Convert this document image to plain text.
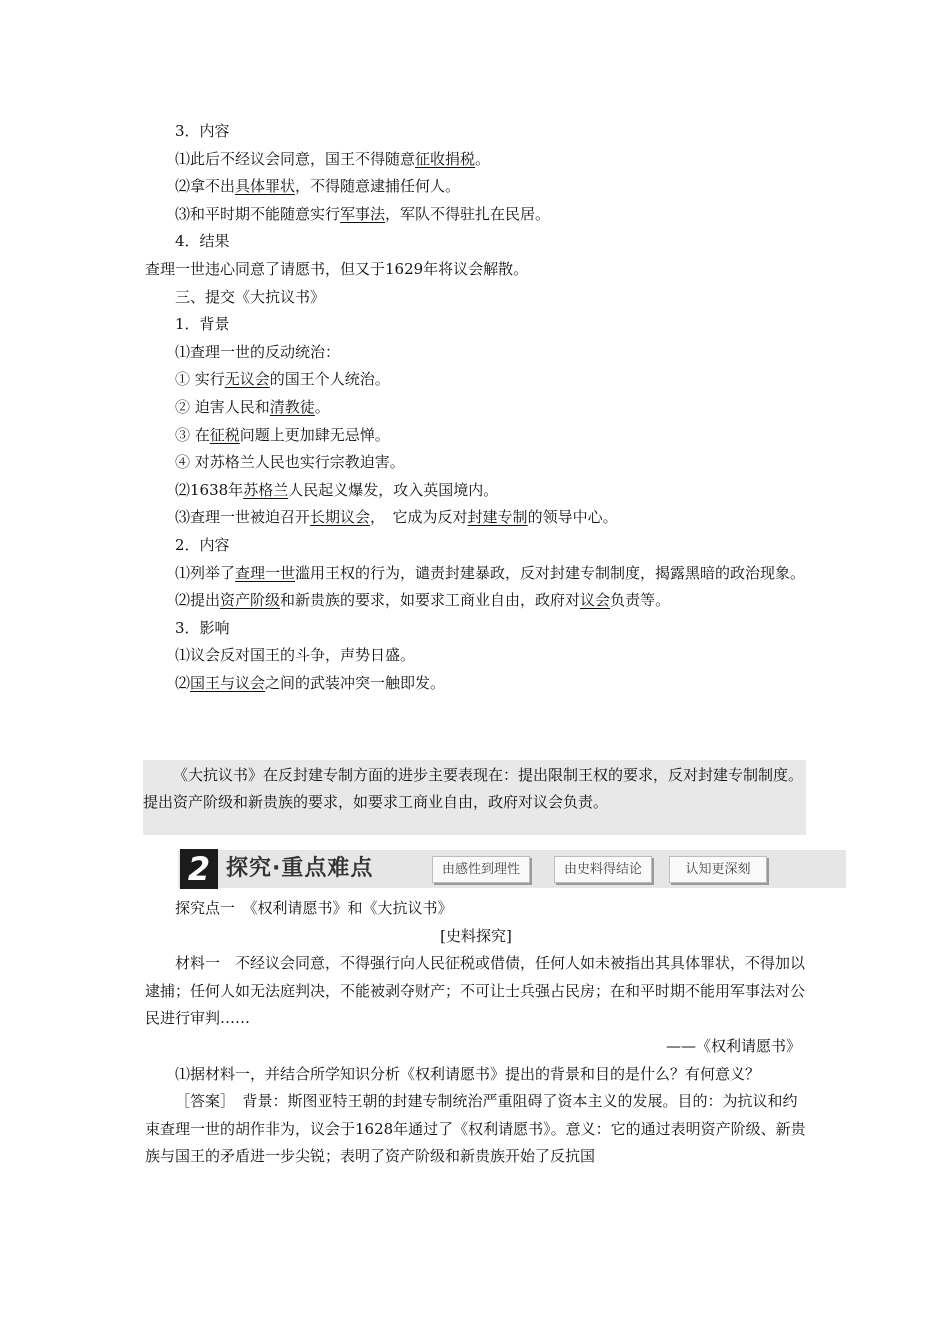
3．内容
⑴此后不经议会同意，国王不得随意征收捐税。
⑵拿不出具体罪状，不得随意逮捕任何人。
⑶和平时期不能随意实行军事法，军队不得驻扎在民居。
4．结果
查理一世违心同意了请愿书，但又于1629年将议会解散。
三、提交《大抗议书》
1．背景
⑴查理一世的反动统治：
① 实行无议会的国王个人统治。
② 迫害人民和清教徒。
③ 在征税问题上更加肆无忌惮。
④ 对苏格兰人民也实行宗教迫害。
⑵1638年苏格兰人民起义爆发，攻入英国境内。
⑶查理一世被迫召开长期议会，　它成为反对封建专制的领导中心。
2．内容
⑴列举了查理一世滥用王权的行为，谴责封建暴政，反对封建专制制度，揭露黑暗的政治现象。
⑵提出资产阶级和新贵族的要求，如要求工商业自由，政府对议会负责等。
3．影响
⑴议会反对国王的斗争，声势日盛。
⑵国王与议会之间的武装冲突一触即发。

《大抗议书》在反封建专制方面的进步主要表现在：提出限制王权的要求，反对封建专制制度。提出资产阶级和新贵族的要求，如要求工商业自由，政府对议会负责。

2 探究·重点难点	由感性到理性	由史料得结论	认知更深刻
探究点一　《权利请愿书》和《大抗议书》
[史料探究]
材料一　不经议会同意，不得强行向人民征税或借债，任何人如未被指出其具体罪状，不得加以逮捕；任何人如无法庭判决，不能被剥夺财产；不可让士兵强占民房；在和平时期不能用军事法对公民进行审判……
——《权利请愿书》
⑴据材料一，并结合所学知识分析《权利请愿书》提出的背景和目的是什么？有何意义？
［答案］　背景：斯图亚特王朝的封建专制统治严重阻碍了资本主义的发展。目的：为抗议和约束查理一世的胡作非为，议会于1628年通过了《权利请愿书》。意义：它的通过表明资产阶级、新贵族与国王的矛盾进一步尖锐；表明了资产阶级和新贵族开始了反抗国
